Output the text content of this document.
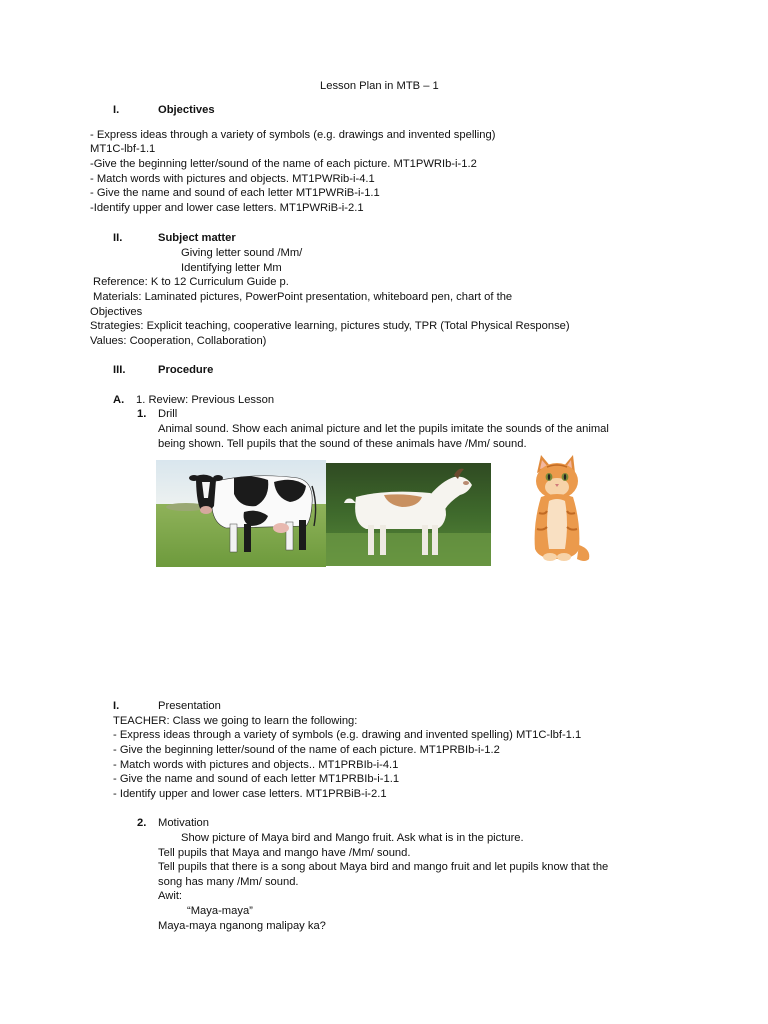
Lesson Plan in MTB – 1
I.	Objectives
- Express ideas through a variety of symbols (e.g. drawings and invented spelling)
MT1C-lbf-1.1
-Give the beginning letter/sound of the name of each picture. MT1PWRIb-i-1.2
- Match words with pictures and objects. MT1PWRib-i-4.1
- Give the name and sound of each letter MT1PWRiB-i-1.1
-Identify upper and lower case letters. MT1PWRiB-i-2.1
II.	Subject matter
Giving letter sound /Mm/
Identifying letter Mm
Reference: K to 12 Curriculum Guide p.
Materials: Laminated pictures, PowerPoint presentation, whiteboard pen, chart of the
Objectives
Strategies: Explicit teaching, cooperative learning, pictures study, TPR (Total Physical Response)
Values: Cooperation, Collaboration)
III.	Procedure
A. 1. Review: Previous Lesson
1. Drill
Animal sound. Show each animal picture and let the pupils imitate the sounds of the animal
being shown. Tell pupils that the sound of these animals have /Mm/ sound.
I.	Presentation
TEACHER: Class we going to learn the following:
- Express ideas through a variety of symbols (e.g. drawing and invented spelling) MT1C-lbf-1.1
- Give the beginning letter/sound of the name of each picture. MT1PRBIb-i-1.2
- Match words with pictures and objects.. MT1PRBIb-i-4.1
- Give the name and sound of each letter MT1PRBIb-i-1.1
- Identify upper and lower case letters. MT1PRBiB-i-2.1
2. Motivation
Show picture of Maya bird and Mango fruit. Ask what is in the picture.
Tell pupils that Maya and mango have /Mm/ sound.
Tell pupils that there is a song about Maya bird and mango fruit and let pupils know that the
song has many /Mm/ sound.
Awit:
“Maya-maya”
Maya-maya nganong malipay ka?
